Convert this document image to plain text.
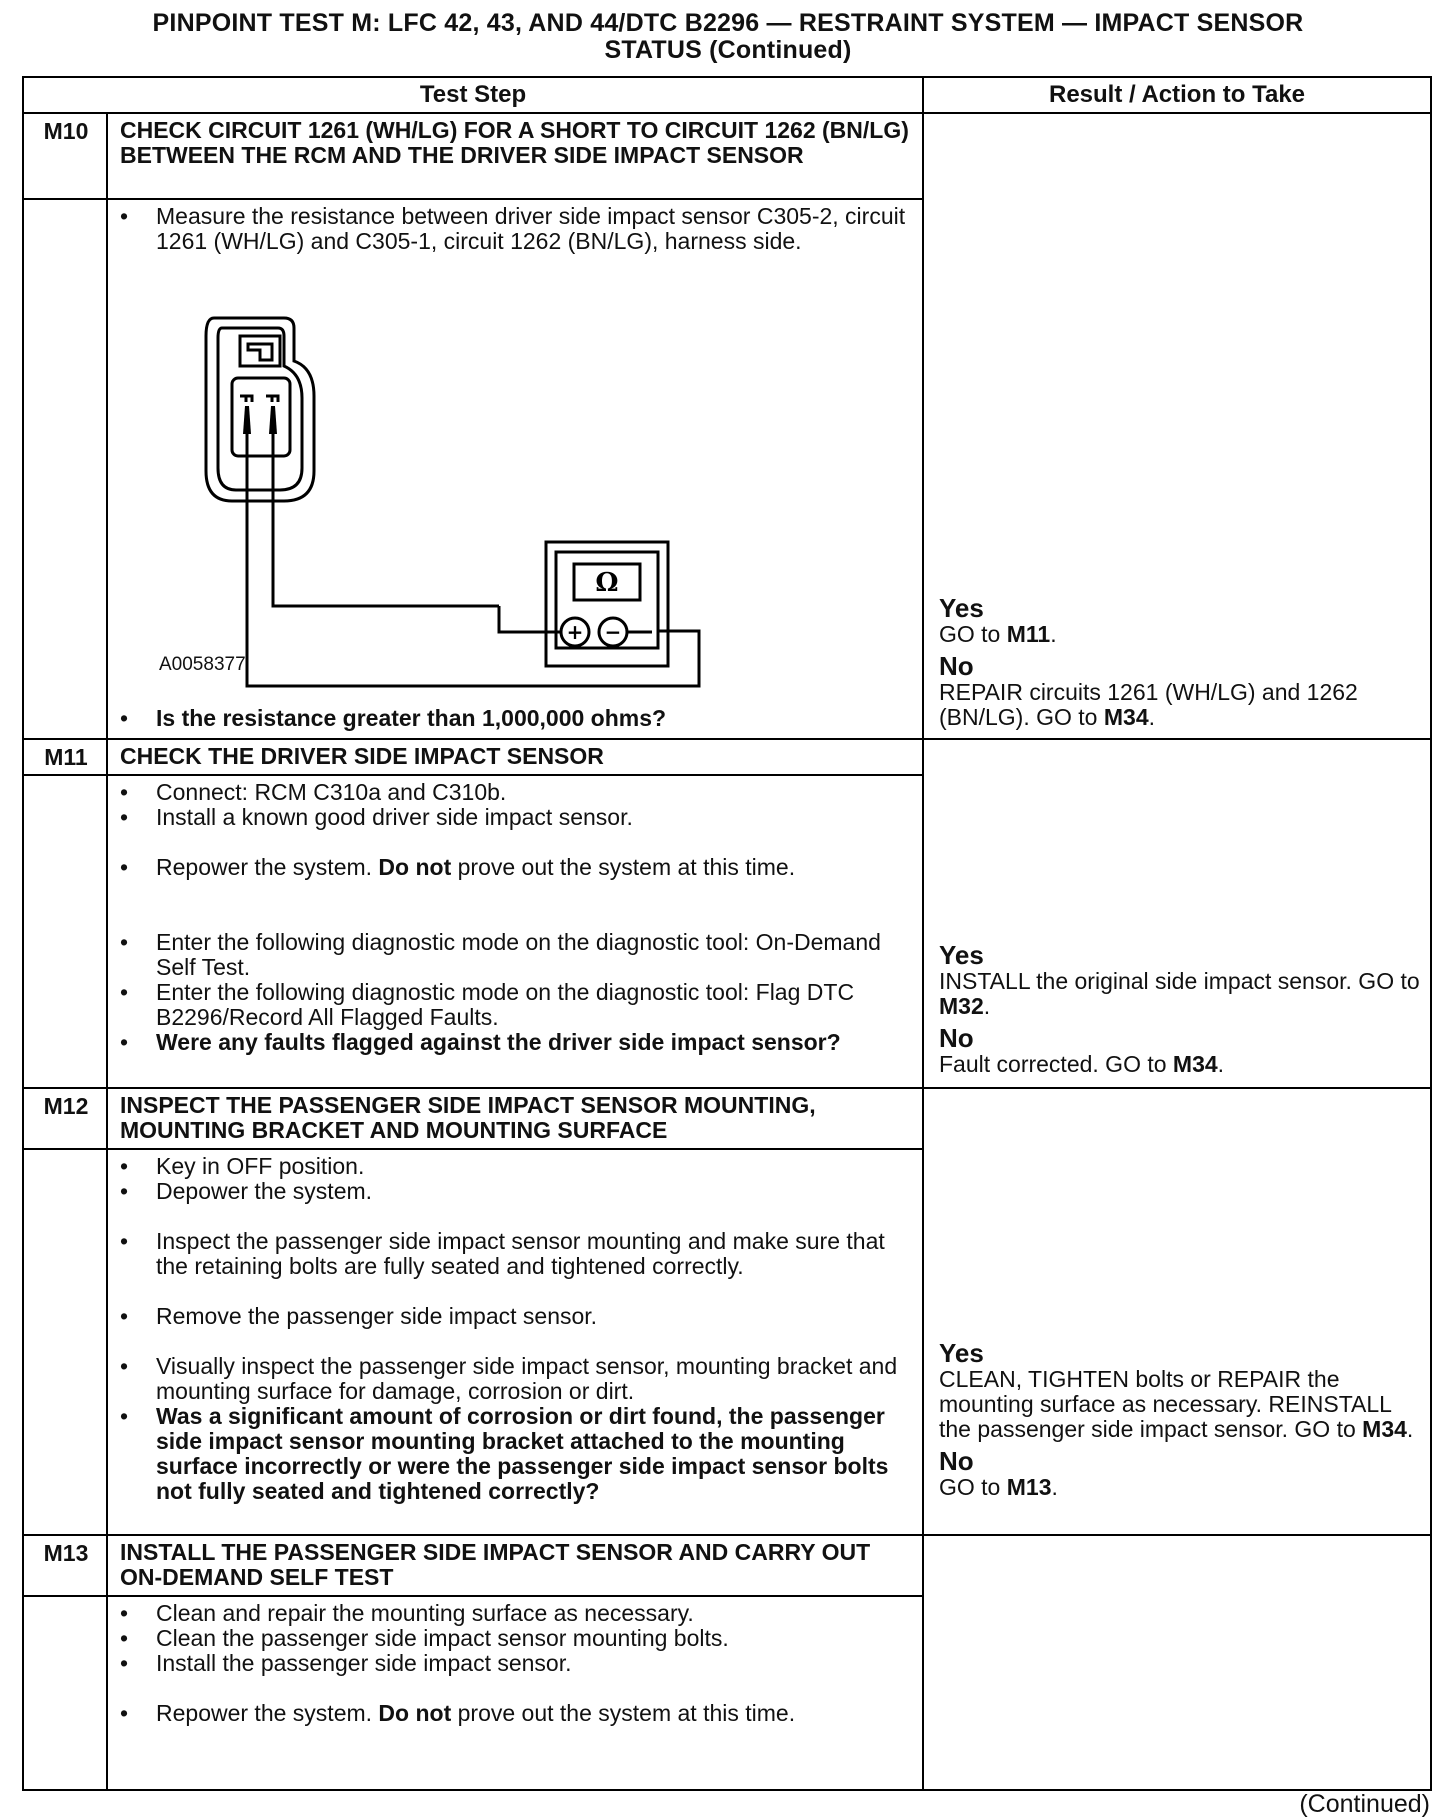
PINPOINT TEST M: LFC 42, 43, AND 44/DTC B2296 — RESTRAINT SYSTEM — IMPACT SENSOR
STATUS (Continued)
Test Step	Result / Action to Take
M10	CHECK CIRCUIT 1261 (WH/LG) FOR A SHORT TO CIRCUIT 1262 (BN/LG) BETWEEN THE RCM AND THE DRIVER SIDE IMPACT SENSOR
• Measure the resistance between driver side impact sensor C305-2, circuit 1261 (WH/LG) and C305-1, circuit 1262 (BN/LG), harness side.
Ω
+ −
A0058377
• Is the resistance greater than 1,000,000 ohms?
Yes
GO to M11.
No
REPAIR circuits 1261 (WH/LG) and 1262 (BN/LG). GO to M34.
M11	CHECK THE DRIVER SIDE IMPACT SENSOR
• Connect: RCM C310a and C310b.
• Install a known good driver side impact sensor.
• Repower the system. Do not prove out the system at this time.
• Enter the following diagnostic mode on the diagnostic tool: On-Demand Self Test.
• Enter the following diagnostic mode on the diagnostic tool: Flag DTC B2296/Record All Flagged Faults.
• Were any faults flagged against the driver side impact sensor?
Yes
INSTALL the original side impact sensor. GO to M32.
No
Fault corrected. GO to M34.
M12	INSPECT THE PASSENGER SIDE IMPACT SENSOR MOUNTING, MOUNTING BRACKET AND MOUNTING SURFACE
• Key in OFF position.
• Depower the system.
• Inspect the passenger side impact sensor mounting and make sure that the retaining bolts are fully seated and tightened correctly.
• Remove the passenger side impact sensor.
• Visually inspect the passenger side impact sensor, mounting bracket and mounting surface for damage, corrosion or dirt.
• Was a significant amount of corrosion or dirt found, the passenger side impact sensor mounting bracket attached to the mounting surface incorrectly or were the passenger side impact sensor bolts not fully seated and tightened correctly?
Yes
CLEAN, TIGHTEN bolts or REPAIR the mounting surface as necessary. REINSTALL the passenger side impact sensor. GO to M34.
No
GO to M13.
M13	INSTALL THE PASSENGER SIDE IMPACT SENSOR AND CARRY OUT ON-DEMAND SELF TEST
• Clean and repair the mounting surface as necessary.
• Clean the passenger side impact sensor mounting bolts.
• Install the passenger side impact sensor.
• Repower the system. Do not prove out the system at this time.
(Continued)
